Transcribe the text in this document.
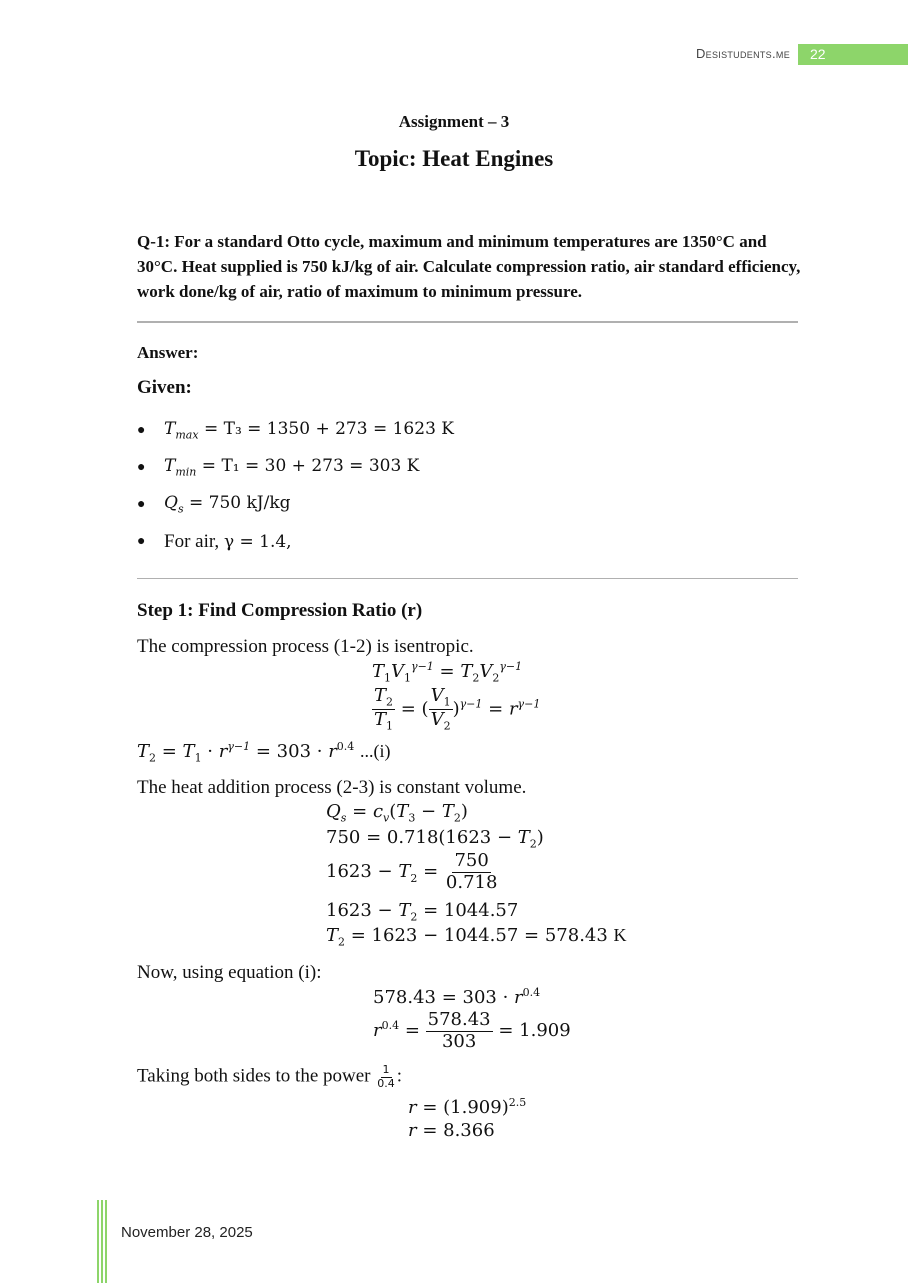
Desistudents.me	22
Assignment – 3
Topic: Heat Engines
Q-1: For a standard Otto cycle, maximum and minimum temperatures are 1350°C and 30°C. Heat supplied is 750 kJ/kg of air. Calculate compression ratio, air standard efficiency, work done/kg of air, ratio of maximum to minimum pressure.
Answer:
Given:
●	$T_{max} = T_3 = 1350 + 273 = 1623$ K
●	$T_{min} = T_1 = 30 + 273 = 303$ K
●	$Q_s = 750$ kJ/kg
● For air, γ = 1.4,
Step 1: Find Compression Ratio (r)
The compression process (1-2) is isentropic.
$T_1V_1^{\gamma-1} = T_2V_2^{\gamma-1}$
$\frac{T_2}{T_1}$ = ( $\frac{V_1}{V_2} )^{\gamma-1} = r^{\gamma-1}$
$T_2 = T_1 \cdot r^{\gamma-1} = 303 \cdot r^{0.4}$ ...(i)
The heat addition process (2-3) is constant volume.
$Q_s = c_v(T_3 - T_2)$
$750 = 0.718(1623 - T_2)$
$1623 - T_2 = \frac{750}{0.718}$
$1623 - T_2 = 1044.57$
$T_2 = 1623 - 1044.57 = 578.43$ K
Now, using equation (i):
$578.43 = 303 \cdot r^{0.4}$
$r^{0.4} = \frac{578.43}{303} = 1.909$
Taking both sides to the power $\frac{1}{0.4}$ :
$r = (1.909)^{2.5}$
r = 8.366
November 28, 2025
